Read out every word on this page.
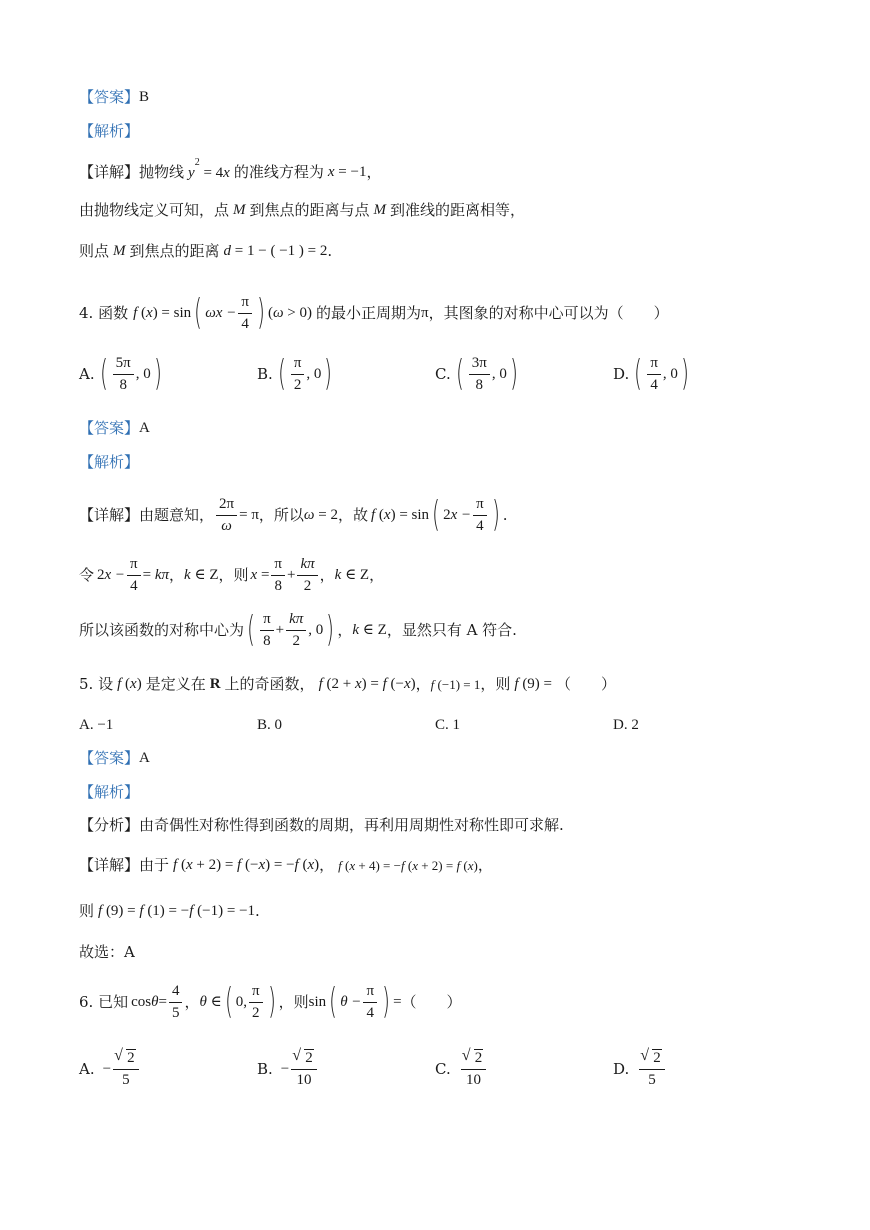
【答案】 B
【解析】
【详解】 抛物线 $y^2 = 4x$ 的准线方程为 x = −1 ，
由抛物线定义可知，点 M 到焦点的距离与点 M 到准线的距离相等，
则点 M 到焦点的距离 d = 1 − ( −1 ) = 2 .
4. 函数 f (x) = sin ( $\omega x - \frac{\pi}{4}$ ) (ω > 0) 的最小正周期为 π ，其图象的对称中心可以为（　　）
A. ( $\frac{5\pi}{8}$ , 0 )	B. ( $\frac{\pi}{2}$ , 0 )	C. ( $\frac{3\pi}{8}$ , 0 )	D. ( $\frac{\pi}{4}$ , 0 )
【答案】 A
【解析】
【详解】 由题意知， $\frac{2\pi}{\omega} = \pi$ ，所以 ω = 2 ，故 f (x) = sin ( $2x - \frac{\pi}{4}$ ) .
令 $2x - \frac{\pi}{4} = k\pi$ ， k ∈ Z ，则 $x = \frac{\pi}{8} + \frac{k\pi}{2}$ ， k ∈ Z ，
所以该函数的对称中心为 ( $\frac{\pi}{8} + \frac{k\pi}{2}$ , 0 ) ， k ∈ Z ，显然只有 A 符合.
5. 设 f (x) 是定义在 R 上的奇函数， f (2 + x) = f (−x) ， f (−1) = 1 ，则 f (9) = （　　）
A. −1	B. 0	C. 1	D. 2
【答案】 A
【解析】
【分析】 由奇偶性对称性得到函数的周期，再利用周期性对称性即可求解.
【详解】 由于 f (x + 2) = f (−x) = −f (x) ， f (x + 4) = −f (x + 2) = f (x) ，
则 f (9) = f (1) = −f (−1) = −1 .
故选：A
6. 已知 $\cos \theta = \frac{4}{5}$ ， θ ∈ ( 0, $\frac{\pi}{2}$ ) ，则 sin ( $\theta - \frac{\pi}{4}$ ) = （　　）
A. − √ $\frac{2}{5}$	B. − √ $\frac{2}{10}$	C. √ $\frac{2}{10}$	D. √ $\frac{2}{5}$
